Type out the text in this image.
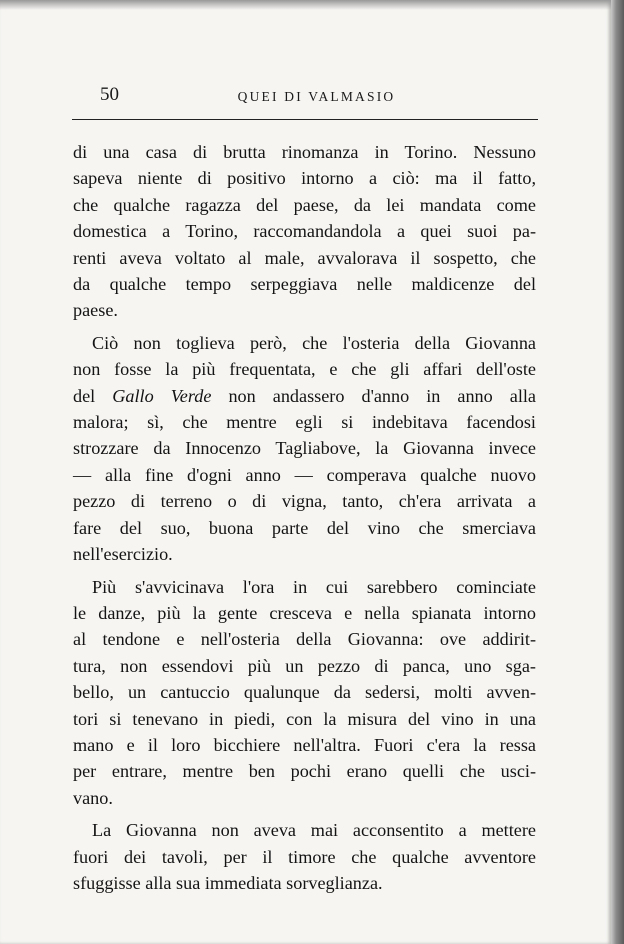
50	QUEI DI VALMASIO
di una casa di brutta rinomanza in Torino. Nessuno
sapeva niente di positivo intorno a ciò: ma il fatto,
che qualche ragazza del paese, da lei mandata come
domestica a Torino, raccomandandola a quei suoi pa-
renti aveva voltato al male, avvalorava il sospetto, che
da qualche tempo serpeggiava nelle maldicenze del
paese.
Ciò non toglieva però, che l'osteria della Giovanna
non fosse la più frequentata, e che gli affari dell'oste
del Gallo Verde non andassero d'anno in anno alla
malora; sì, che mentre egli si indebitava facendosi
strozzare da Innocenzo Tagliabove, la Giovanna invece
— alla fine d'ogni anno — comperava qualche nuovo
pezzo di terreno o di vigna, tanto, ch'era arrivata a
fare del suo, buona parte del vino che smerciava
nell'esercizio.
Più s'avvicinava l'ora in cui sarebbero cominciate
le danze, più la gente cresceva e nella spianata intorno
al tendone e nell'osteria della Giovanna: ove addirit-
tura, non essendovi più un pezzo di panca, uno sga-
bello, un cantuccio qualunque da sedersi, molti avven-
tori si tenevano in piedi, con la misura del vino in una
mano e il loro bicchiere nell'altra. Fuori c'era la ressa
per entrare, mentre ben pochi erano quelli che usci-
vano.
La Giovanna non aveva mai acconsentito a mettere
fuori dei tavoli, per il timore che qualche avventore
sfuggisse alla sua immediata sorveglianza.
